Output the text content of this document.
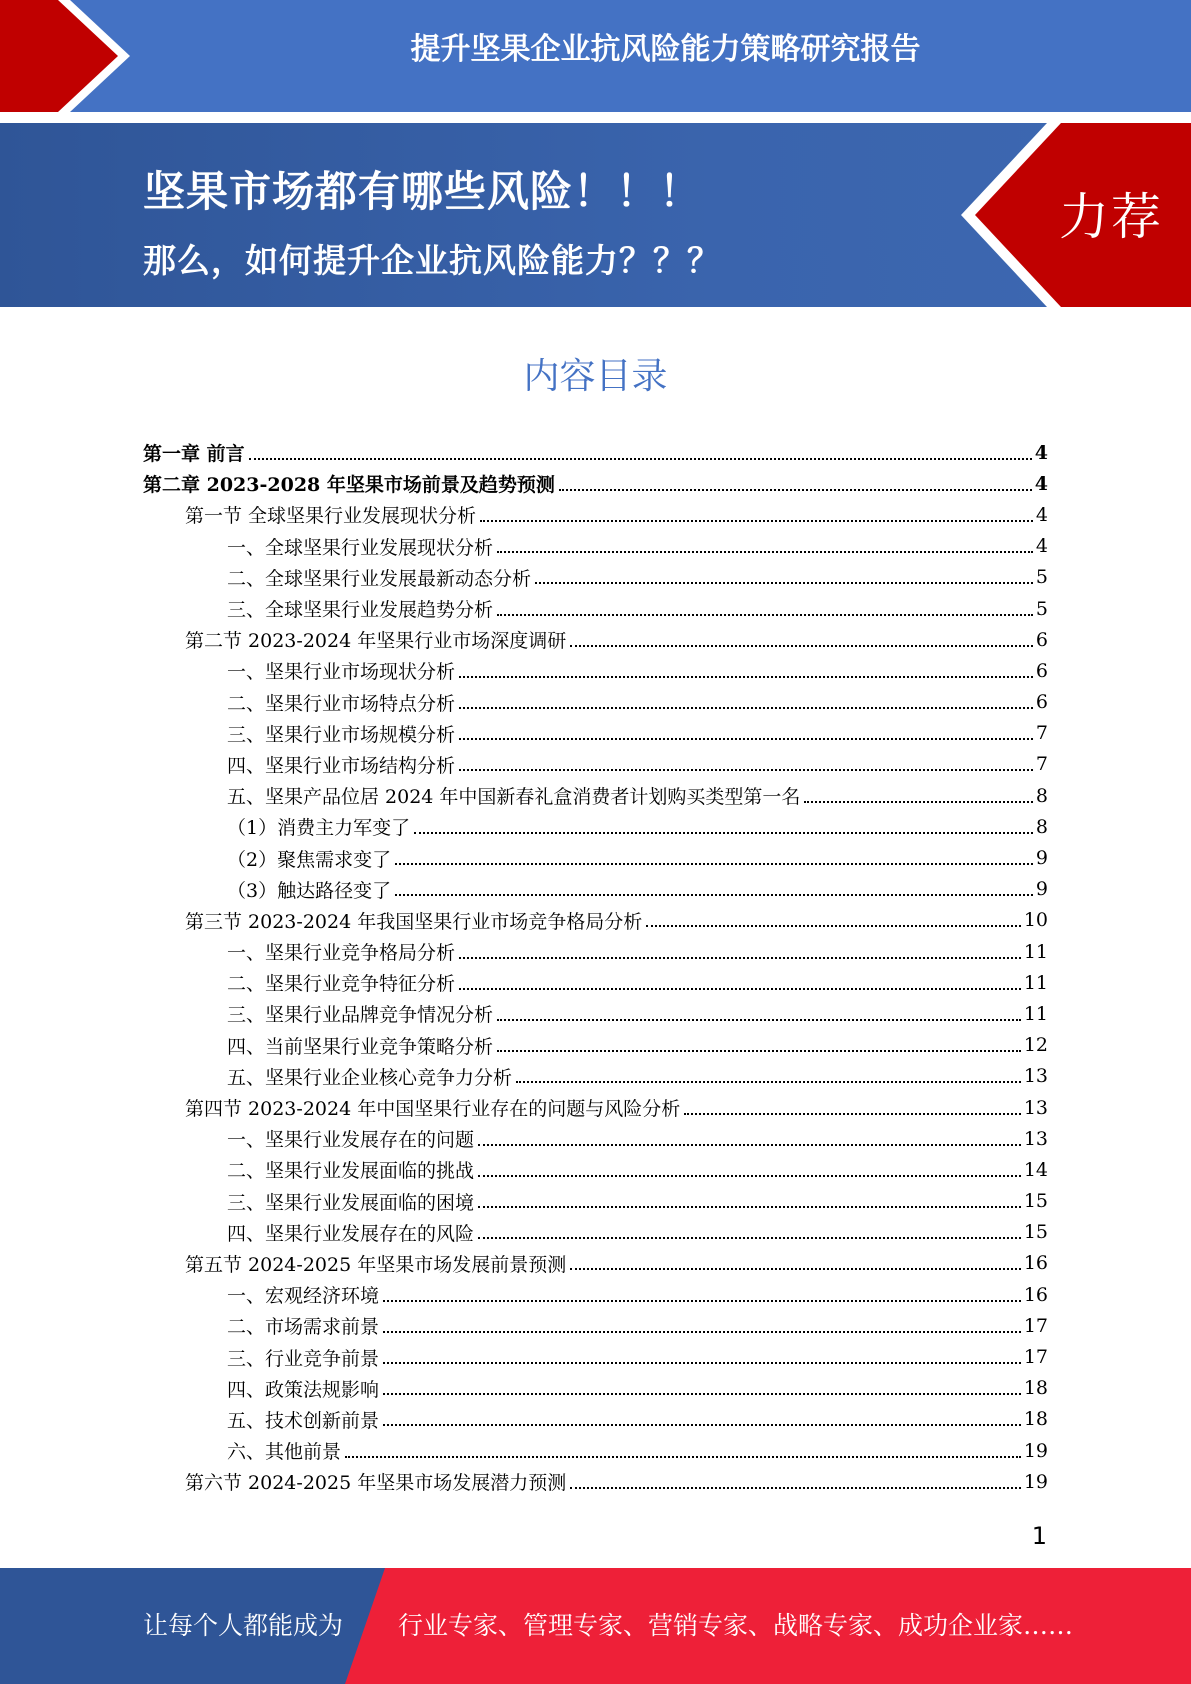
提升坚果企业抗风险能力策略研究报告
坚果市场都有哪些风险！！！
那么，如何提升企业抗风险能力？？？
力荐
内容目录
第一章 前言	4
第二章 2023-2028 年坚果市场前景及趋势预测	4
第一节 全球坚果行业发展现状分析	4
一、全球坚果行业发展现状分析	4
二、全球坚果行业发展最新动态分析	5
三、全球坚果行业发展趋势分析	5
第二节 2023-2024 年坚果行业市场深度调研	6
一、坚果行业市场现状分析	6
二、坚果行业市场特点分析	6
三、坚果行业市场规模分析	7
四、坚果行业市场结构分析	7
五、坚果产品位居 2024 年中国新春礼盒消费者计划购买类型第一名	8
（1）消费主力军变了	8
（2）聚焦需求变了	9
（3）触达路径变了	9
第三节 2023-2024 年我国坚果行业市场竞争格局分析	10
一、坚果行业竞争格局分析	11
二、坚果行业竞争特征分析	11
三、坚果行业品牌竞争情况分析	11
四、当前坚果行业竞争策略分析	12
五、坚果行业企业核心竞争力分析	13
第四节 2023-2024 年中国坚果行业存在的问题与风险分析	13
一、坚果行业发展存在的问题	13
二、坚果行业发展面临的挑战	14
三、坚果行业发展面临的困境	15
四、坚果行业发展存在的风险	15
第五节 2024-2025 年坚果市场发展前景预测	16
一、宏观经济环境	16
二、市场需求前景	17
三、行业竞争前景	17
四、政策法规影响	18
五、技术创新前景	18
六、其他前景	19
第六节 2024-2025 年坚果市场发展潜力预测	19
1
让每个人都能成为 行业专家、管理专家、营销专家、战略专家、成功企业家……
